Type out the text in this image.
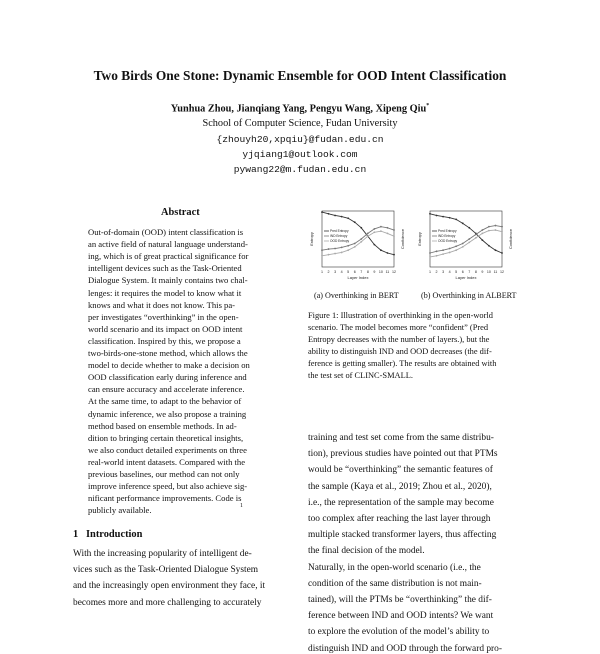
Two Birds One Stone: Dynamic Ensemble for OOD Intent Classification
Yunhua Zhou, Jianqiang Yang, Pengyu Wang, Xipeng Qiu*
School of Computer Science, Fudan University
{zhouyh20,xpqiu}@fudan.edu.cn
yjqiang1@outlook.com
pywang22@m.fudan.edu.cn
Abstract
Out-of-domain (OOD) intent classification is
an active field of natural language understand-
ing, which is of great practical significance for
intelligent devices such as the Task-Oriented
Dialogue System. It mainly contains two chal-
lenges: it requires the model to know what it
knows and what it does not know. This pa-
per investigates “overthinking” in the open-
world scenario and its impact on OOD intent
classification. Inspired by this, we propose a
two-birds-one-stone method, which allows the
model to decide whether to make a decision on
OOD classification early during inference and
can ensure accuracy and accelerate inference.
At the same time, to adapt to the behavior of
dynamic inference, we also propose a training
method based on ensemble methods. In ad-
dition to bringing certain theoretical insights,
we also conduct detailed experiments on three
real-world intent datasets. Compared with the
previous baselines, our method can not only
improve inference speed, but also achieve sig-
nificant performance improvements. Code is
publicly available.	1
1 Introduction
With the increasing popularity of intelligent de-
vices such as the Task-Oriented Dialogue System
and the increasingly open environment they face, it
becomes more and more challenging to accurately
1 2 3 4 5 6 7 8 9 10 11 12
Layer Index
Entropy	Confidence
Pred Entropy
IND Entropy
OOD Entropy
1 2 3 4 5 6 7 8 9 10 11 12
Layer Index
Entropy	Confidence
Pred Entropy
IND Entropy
OOD Entropy
(a) Overthinking in BERT	(b) Overthinking in ALBERT
Figure 1: Illustration of overthinking in the open-world
scenario. The model becomes more “confident” (Pred
Entropy decreases with the number of layers.), but the
ability to distinguish IND and OOD decreases (the dif-
ference is getting smaller). The results are obtained with
the test set of CLINC-SMALL.
training and test set come from the same distribu-
tion), previous studies have pointed out that PTMs
would be “overthinking” the semantic features of
the sample (Kaya et al., 2019; Zhou et al., 2020),
i.e., the representation of the sample may become
too complex after reaching the last layer through
multiple stacked transformer layers, thus affecting
the final decision of the model.
Naturally, in the open-world scenario (i.e., the
condition of the same distribution is not main-
tained), will the PTMs be “overthinking” the dif-
ference between IND and OOD intents? We want
to explore the evolution of the model’s ability to
distinguish IND and OOD through the forward pro-
